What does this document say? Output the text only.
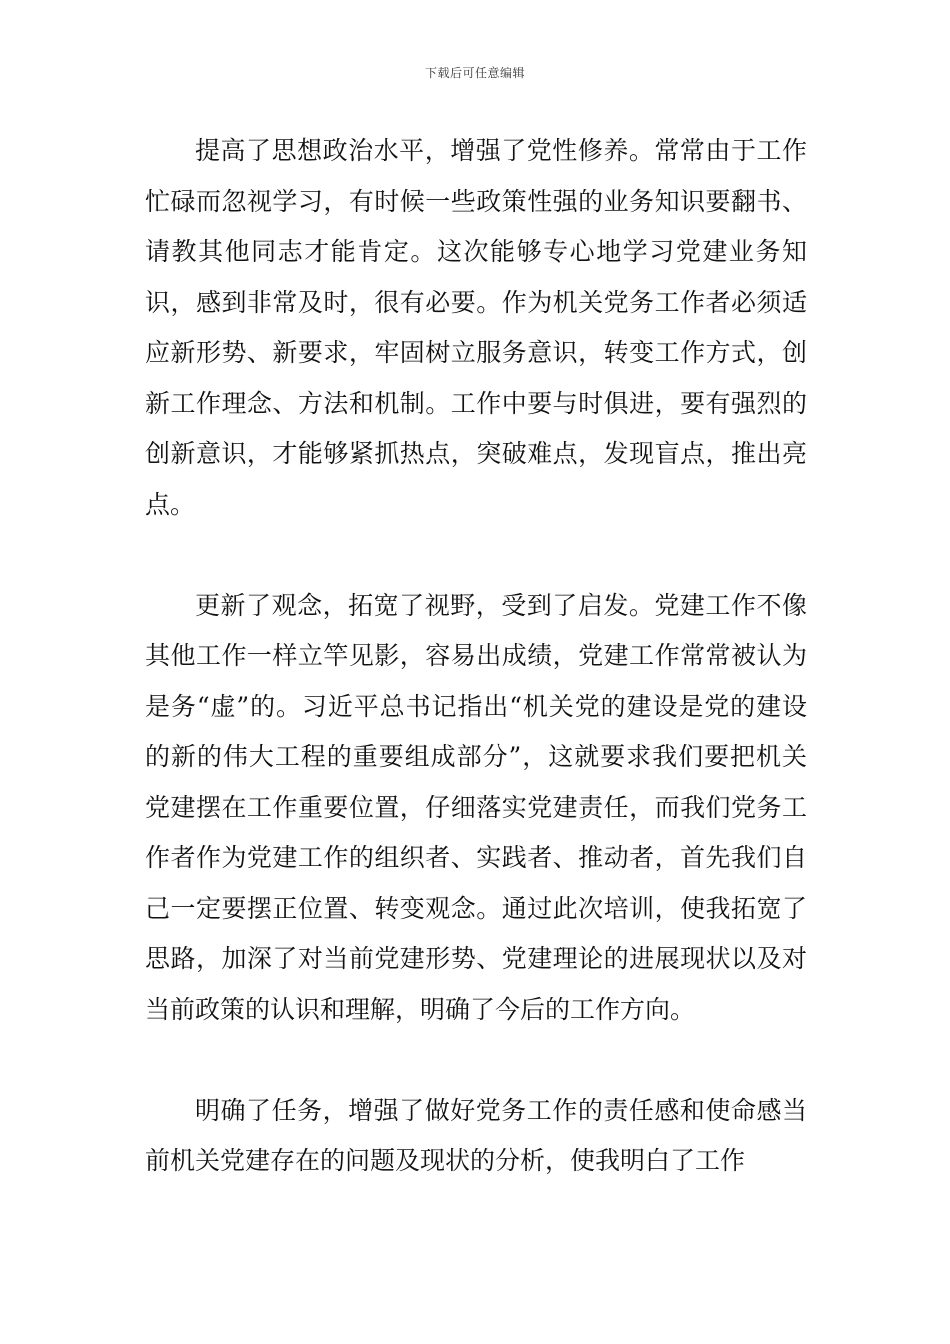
下载后可任意编辑

提高了思想政治水平，增强了党性修养。常常由于工作忙碌而忽视学习，有时候一些政策性强的业务知识要翻书、请教其他同志才能肯定。这次能够专心地学习党建业务知识，感到非常及时，很有必要。作为机关党务工作者必须适应新形势、新要求，牢固树立服务意识，转变工作方式，创新工作理念、方法和机制。工作中要与时俱进，要有强烈的创新意识，才能够紧抓热点，突破难点，发现盲点，推出亮点。

更新了观念，拓宽了视野，受到了启发。党建工作不像其他工作一样立竿见影，容易出成绩，党建工作常常被认为是务“虚”的。习近平总书记指出“机关党的建设是党的建设的新的伟大工程的重要组成部分”，这就要求我们要把机关党建摆在工作重要位置，仔细落实党建责任，而我们党务工作者作为党建工作的组织者、实践者、推动者，首先我们自己一定要摆正位置、转变观念。通过此次培训，使我拓宽了思路，加深了对当前党建形势、党建理论的进展现状以及对当前政策的认识和理解，明确了今后的工作方向。

明确了任务，增强了做好党务工作的责任感和使命感当前机关党建存在的问题及现状的分析，使我明白了工作
